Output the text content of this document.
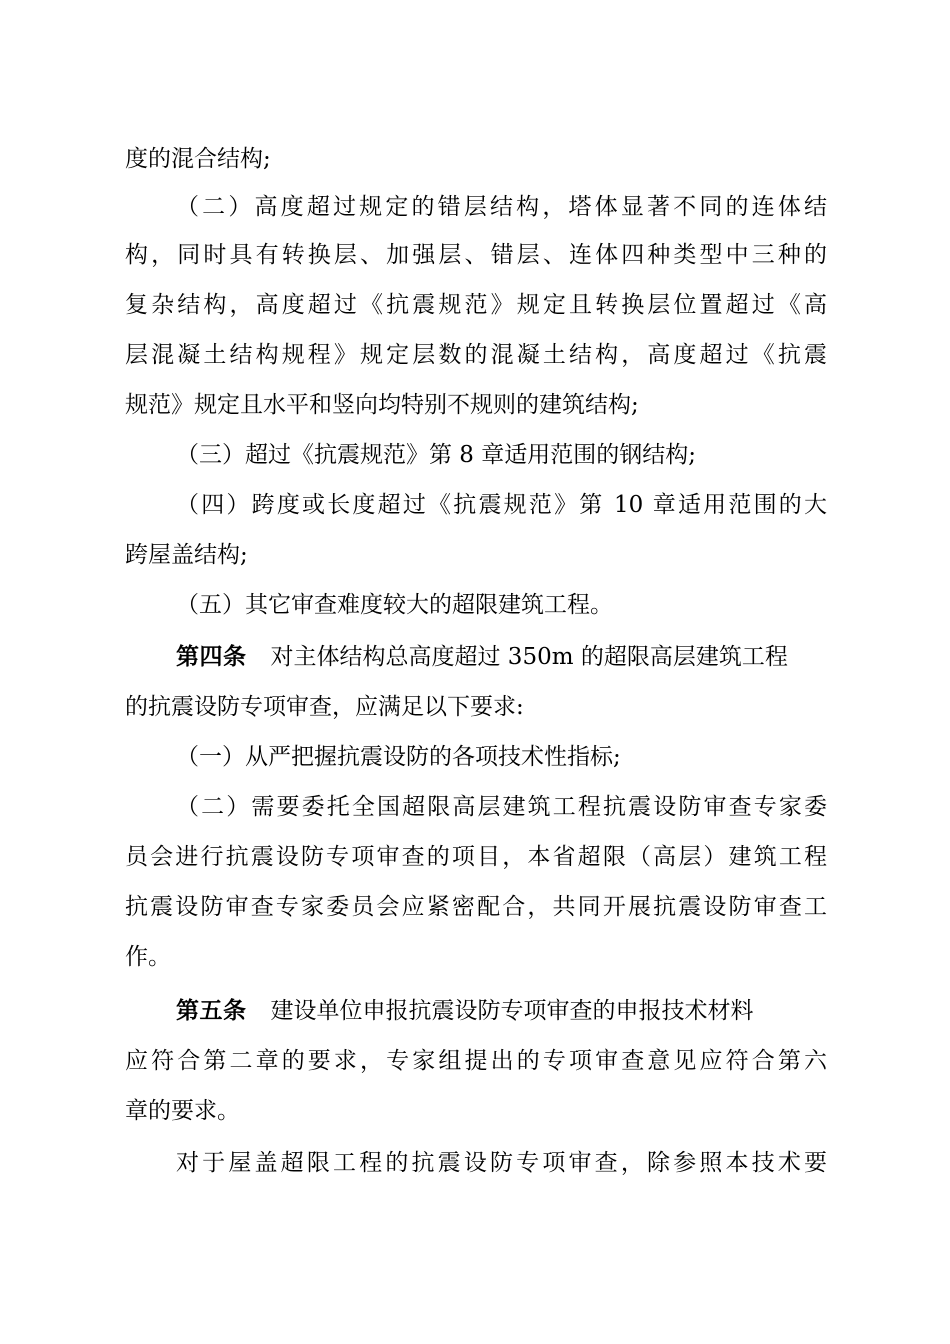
度的混合结构;
（二）高度超过规定的错层结构，塔体显著不同的连体结
构，同时具有转换层、加强层、错层、连体四种类型中三种的
复杂结构，高度超过《抗震规范》规定且转换层位置超过《高
层混凝土结构规程》规定层数的混凝土结构，高度超过《抗震
规范》规定且水平和竖向均特别不规则的建筑结构;
（三）超过《抗震规范》第 8 章适用范围的钢结构;
（四）跨度或长度超过《抗震规范》第 10 章适用范围的大
跨屋盖结构;
（五）其它审查难度较大的超限建筑工程。
第四条 对主体结构总高度超过 350m 的超限高层建筑工程
的抗震设防专项审查，应满足以下要求:
（一）从严把握抗震设防的各项技术性指标;
（二）需要委托全国超限高层建筑工程抗震设防审查专家委
员会进行抗震设防专项审查的项目，本省超限（高层）建筑工程
抗震设防审查专家委员会应紧密配合，共同开展抗震设防审查工
作。
第五条 建设单位申报抗震设防专项审查的申报技术材料
应符合第二章的要求，专家组提出的专项审查意见应符合第六
章的要求。
对于屋盖超限工程的抗震设防专项审查，除参照本技术要
